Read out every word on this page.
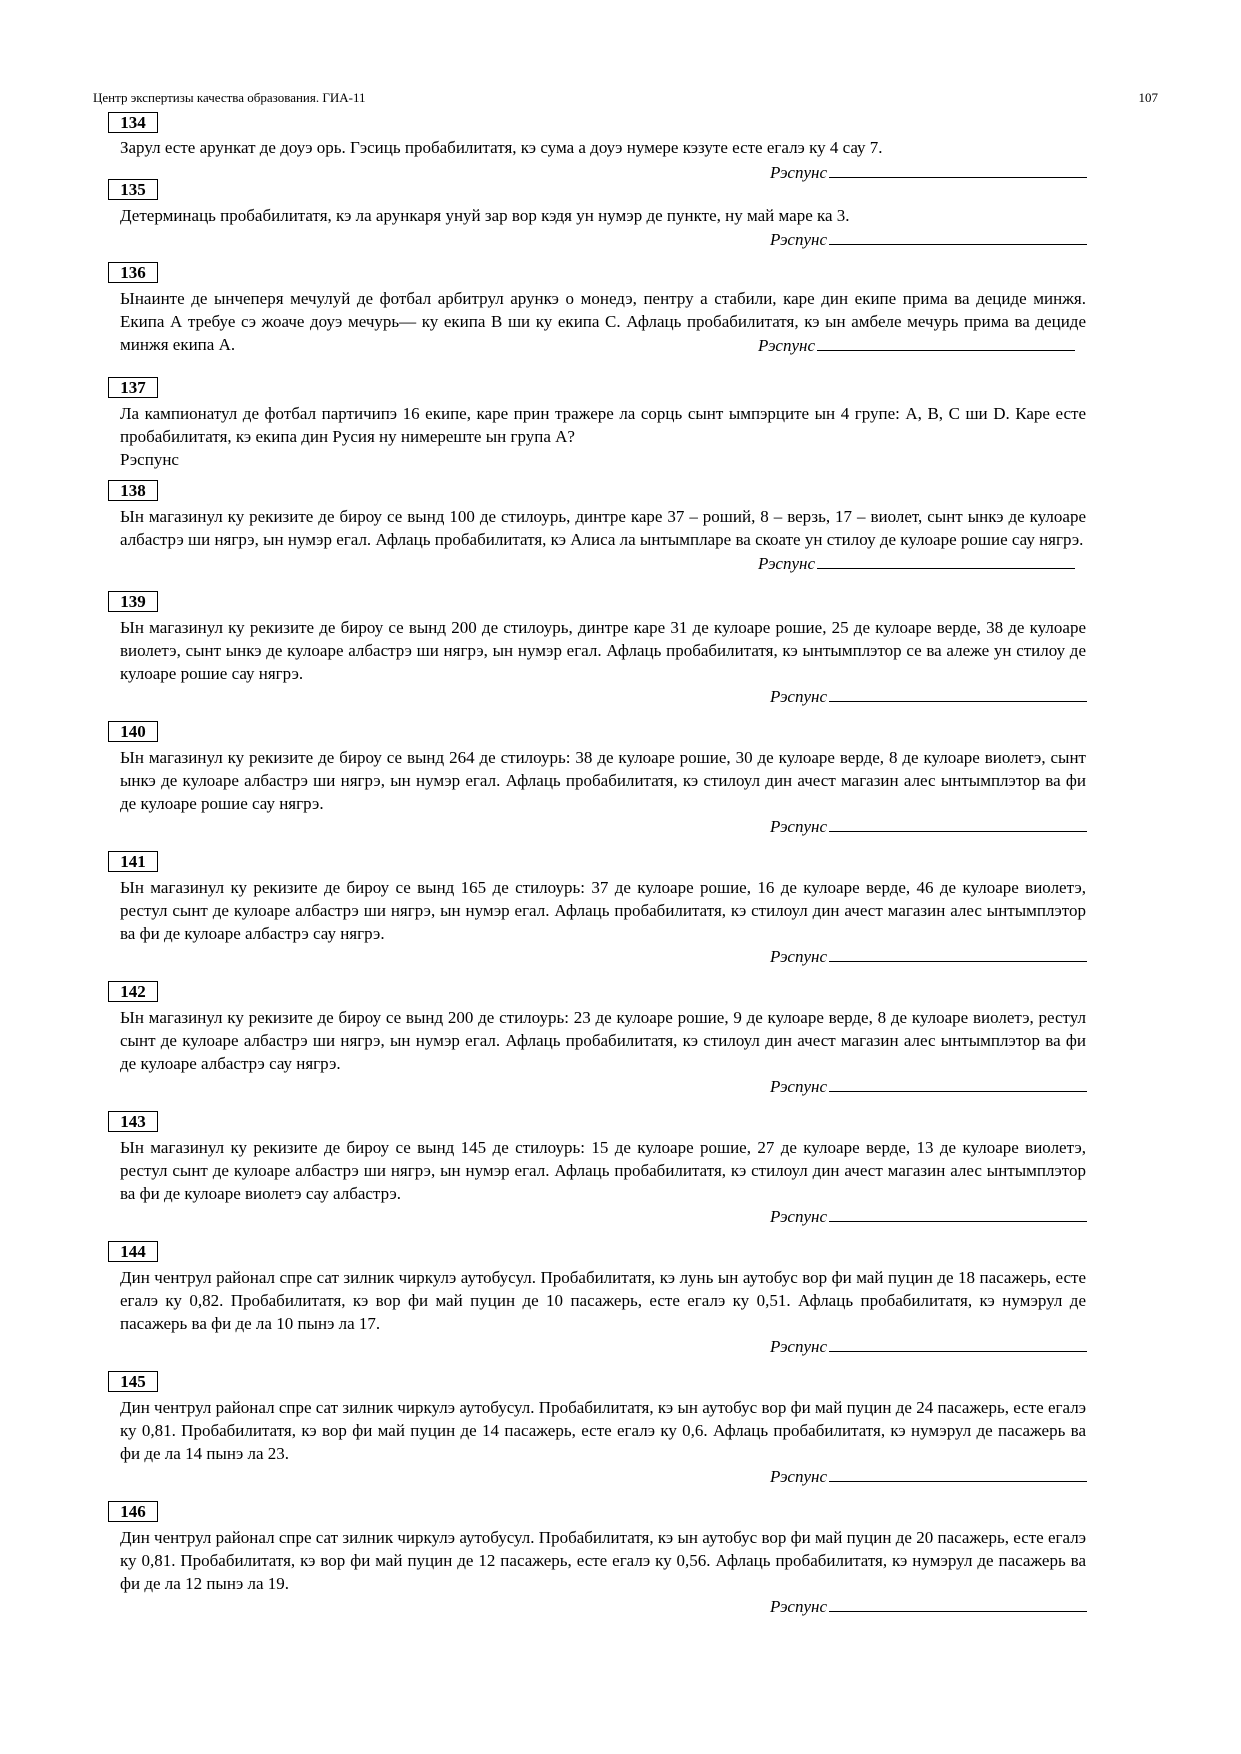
Центр экспертизы качества образования. ГИА-11	107
134
Зарул есте арункат де доуэ орь. Гэсиць пробабилитатя, кэ сума а доуэ нумере кэзуте есте егалэ ку 4 сау 7.
Рэспунс
135
Детерминаць пробабилитатя, кэ ла арункаря унуй зар вор кэдя ун нумэр де пункте, ну май маре ка 3.
Рэспунс
136
Ынаинте де ынчеперя мечулуй де фотбал арбитрул арункэ о монедэ, пентру а стабили, каре дин екипе прима ва дециде минжя. Екипа А требуе сэ жоаче доуэ мечурь— ку екипа В ши ку екипа С. Афлаць пробабилитатя, кэ ын амбеле мечурь прима ва дециде минжя екипа А.	Рэспунс
137
Ла кампионатул де фотбал партичипэ 16 екипе, каре прин тражере ла сорць сынт ымпэрците ын 4 групе: А, В, С ши D. Каре есте пробабилитатя, кэ екипа дин Русия ну нимереште ын група А?
Рэспунс
138
Ын магазинул ку рекизите де бироу се вынд 100 де стилоурь, динтре каре 37 – роший, 8 – верзь, 17 – виолет, сынт ынкэ де кулоаре албастрэ ши нягрэ, ын нумэр егал. Афлаць пробабилитатя, кэ Алиса ла ынтымпларе ва скоате ун стилоу де кулоаре рошие сау нягрэ.
Рэспунс
139
Ын магазинул ку рекизите де бироу се вынд 200 де стилоурь, динтре каре 31 де кулоаре рошие, 25 де кулоаре верде, 38 де кулоаре виолетэ, сынт ынкэ де кулоаре албастрэ ши нягрэ, ын нумэр егал. Афлаць пробабилитатя, кэ ынтымплэтор се ва алеже ун стилоу де кулоаре рошие сау нягрэ.
Рэспунс
140
Ын магазинул ку рекизите де бироу се вынд 264 де стилоурь: 38 де кулоаре рошие, 30 де кулоаре верде, 8 де кулоаре виолетэ, сынт ынкэ де кулоаре албастрэ ши нягрэ, ын нумэр егал. Афлаць пробабилитатя, кэ стилоул дин ачест магазин алес ынтымплэтор ва фи де кулоаре рошие сау нягрэ.
Рэспунс
141
Ын магазинул ку рекизите де бироу се вынд 165 де стилоурь: 37 де кулоаре рошие, 16 де кулоаре верде, 46 де кулоаре виолетэ, рестул сынт де кулоаре албастрэ ши нягрэ, ын нумэр егал. Афлаць пробабилитатя, кэ стилоул дин ачест магазин алес ынтымплэтор ва фи де кулоаре албастрэ сау нягрэ.
Рэспунс
142
Ын магазинул ку рекизите де бироу се вынд 200 де стилоурь: 23 де кулоаре рошие, 9 де кулоаре верде, 8 де кулоаре виолетэ, рестул сынт де кулоаре албастрэ ши нягрэ, ын нумэр егал. Афлаць пробабилитатя, кэ стилоул дин ачест магазин алес ынтымплэтор ва фи де кулоаре албастрэ сау нягрэ.
Рэспунс
143
Ын магазинул ку рекизите де бироу се вынд 145 де стилоурь: 15 де кулоаре рошие, 27 де кулоаре верде, 13 де кулоаре виолетэ, рестул сынт де кулоаре албастрэ ши нягрэ, ын нумэр егал. Афлаць пробабилитатя, кэ стилоул дин ачест магазин алес ынтымплэтор ва фи де кулоаре виолетэ сау албастрэ.
Рэспунс
144
Дин чентрул районал спре сат зилник чиркулэ аутобусул. Пробабилитатя, кэ лунь ын аутобус вор фи май пуцин де 18 пасажерь, есте егалэ ку 0,82. Пробабилитатя, кэ вор фи май пуцин де 10 пасажерь, есте егалэ ку 0,51. Афлаць пробабилитатя, кэ нумэрул де пасажерь ва фи де ла 10 пынэ ла 17.
Рэспунс
145
Дин чентрул районал спре сат зилник чиркулэ аутобусул. Пробабилитатя, кэ ын аутобус вор фи май пуцин де 24 пасажерь, есте егалэ ку 0,81. Пробабилитатя, кэ вор фи май пуцин де 14 пасажерь, есте егалэ ку 0,6. Афлаць пробабилитатя, кэ нумэрул де пасажерь ва фи де ла 14 пынэ ла 23.
Рэспунс
146
Дин чентрул районал спре сат зилник чиркулэ аутобусул. Пробабилитатя, кэ ын аутобус вор фи май пуцин де 20 пасажерь, есте егалэ ку 0,81. Пробабилитатя, кэ вор фи май пуцин де 12 пасажерь, есте егалэ ку 0,56. Афлаць пробабилитатя, кэ нумэрул де пасажерь ва фи де ла 12 пынэ ла 19.
Рэспунс
